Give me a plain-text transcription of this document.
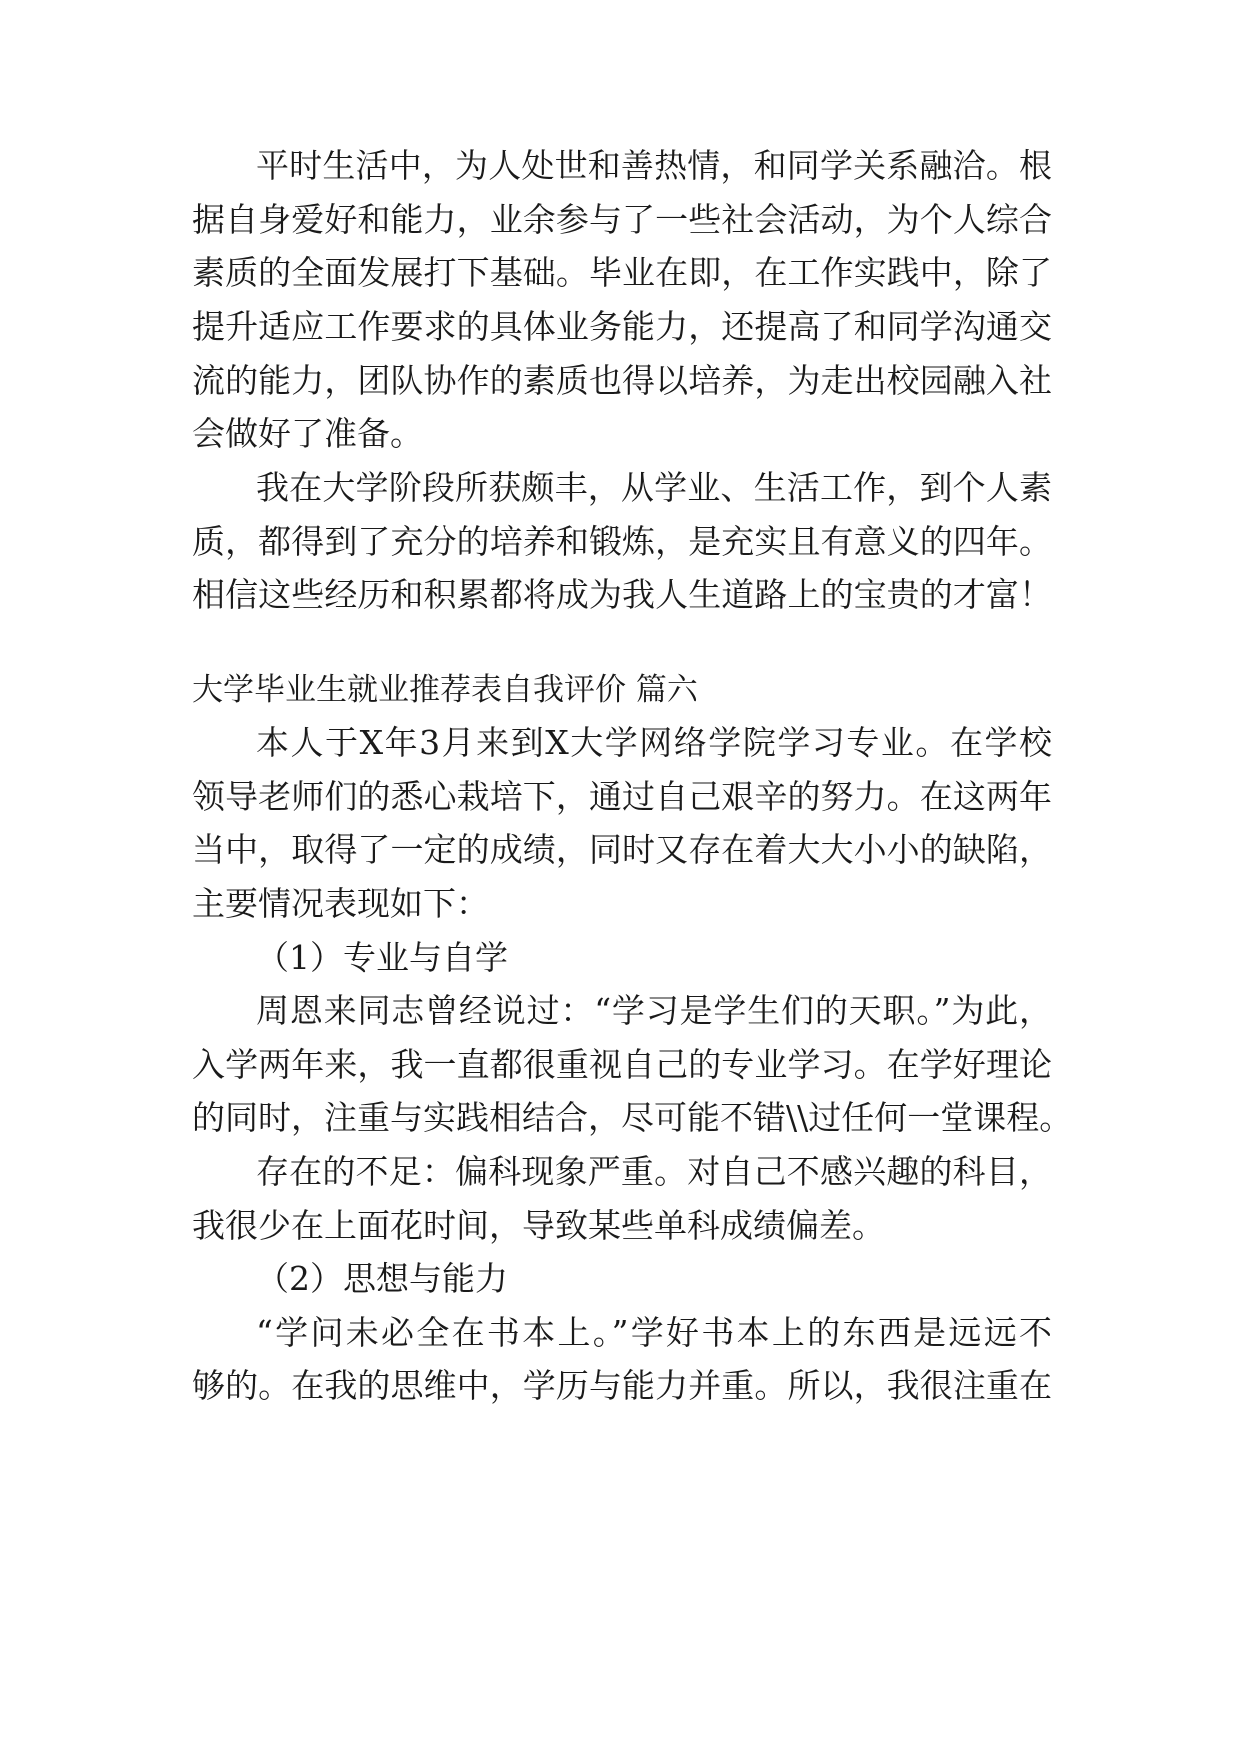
平时生活中，为人处世和善热情，和同学关系融洽。根
据自身爱好和能力，业余参与了一些社会活动，为个人综合
素质的全面发展打下基础。毕业在即，在工作实践中，除了
提升适应工作要求的具体业务能力，还提高了和同学沟通交
流的能力，团队协作的素质也得以培养，为走出校园融入社
会做好了准备。
我在大学阶段所获颇丰，从学业、生活工作，到个人素
质，都得到了充分的培养和锻炼，是充实且有意义的四年。
相信这些经历和积累都将成为我人生道路上的宝贵的才富！
大学毕业生就业推荐表自我评价 篇六
本人于X年3月来到X大学网络学院学习专业。在学校
领导老师们的悉心栽培下，通过自己艰辛的努力。在这两年
当中，取得了一定的成绩，同时又存在着大大小小的缺陷，
主要情况表现如下：
（1）专业与自学
周恩来同志曾经说过：“学习是学生们的天职。”为此，
入学两年来，我一直都很重视自己的专业学习。在学好理论
的同时，注重与实践相结合，尽可能不错\\过任何一堂课程。
存在的不足：偏科现象严重。对自己不感兴趣的科目，
我很少在上面花时间，导致某些单科成绩偏差。
（2）思想与能力
“学问未必全在书本上。”学好书本上的东西是远远不
够的。在我的思维中，学历与能力并重。所以，我很注重在
